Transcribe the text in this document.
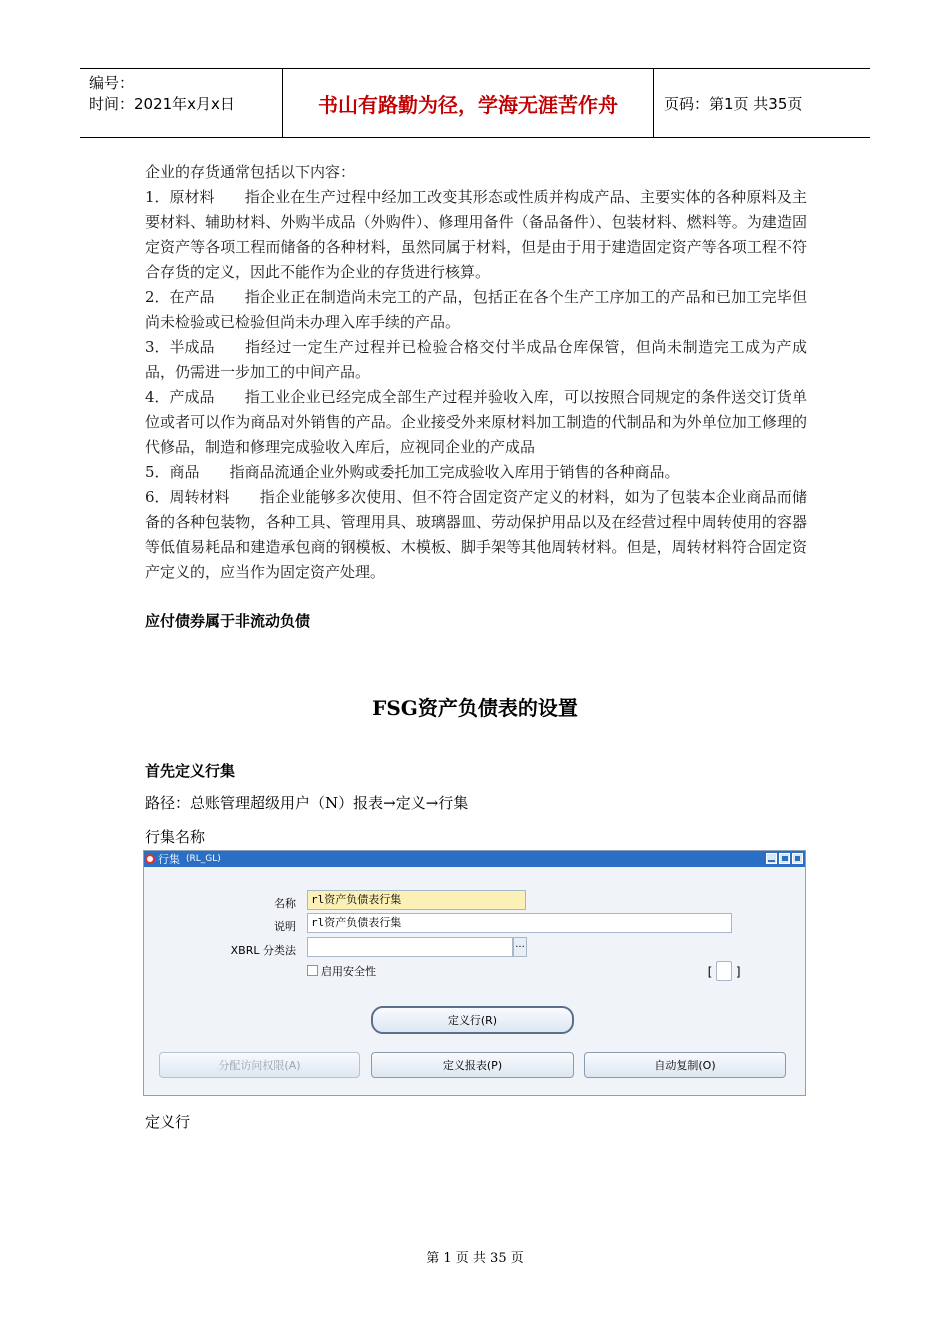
编号：
时间：2021年x月x日	书山有路勤为径，学海无涯苦作舟	页码：第1页 共35页

企业的存货通常包括以下内容：

1．原材料 指企业在生产过程中经加工改变其形态或性质并构成产品、主要实体的各种原料及主要材料、辅助材料、外购半成品（外购件）、修理用备件（备品备件）、包装材料、燃料等。为建造固定资产等各项工程而储备的各种材料，虽然同属于材料，但是由于用于建造固定资产等各项工程不符合存货的定义，因此不能作为企业的存货进行核算。

2．在产品 指企业正在制造尚未完工的产品，包括正在各个生产工序加工的产品和已加工完毕但尚未检验或已检验但尚未办理入库手续的产品。

3．半成品 指经过一定生产过程并已检验合格交付半成品仓库保管，但尚未制造完工成为产成品，仍需进一步加工的中间产品。

4．产成品 指工业企业已经完成全部生产过程并验收入库，可以按照合同规定的条件送交订货单位或者可以作为商品对外销售的产品。企业接受外来原材料加工制造的代制品和为外单位加工修理的代修品，制造和修理完成验收入库后，应视同企业的产成品

5．商品 指商品流通企业外购或委托加工完成验收入库用于销售的各种商品。

6．周转材料 指企业能够多次使用、但不符合固定资产定义的材料，如为了包装本企业商品而储备的各种包装物，各种工具、管理用具、玻璃器皿、劳动保护用品以及在经营过程中周转使用的容器等低值易耗品和建造承包商的钢模板、木模板、脚手架等其他周转材料。但是，周转材料符合固定资产定义的，应当作为固定资产处理。

应付债券属于非流动负债
FSG资产负债表的设置
首先定义行集
路径：总账管理超级用户（N）报表→定义→行集
行集名称
行集 (RL_GL)
名称	rl资产负债表行集
说明	rl资产负债表行集
XBRL 分类法	...
启用安全性	[ ]
定义行(R)
分配访问权限(A)	定义报表(P)	自动复制(O)
定义行
第 1 页 共 35 页
